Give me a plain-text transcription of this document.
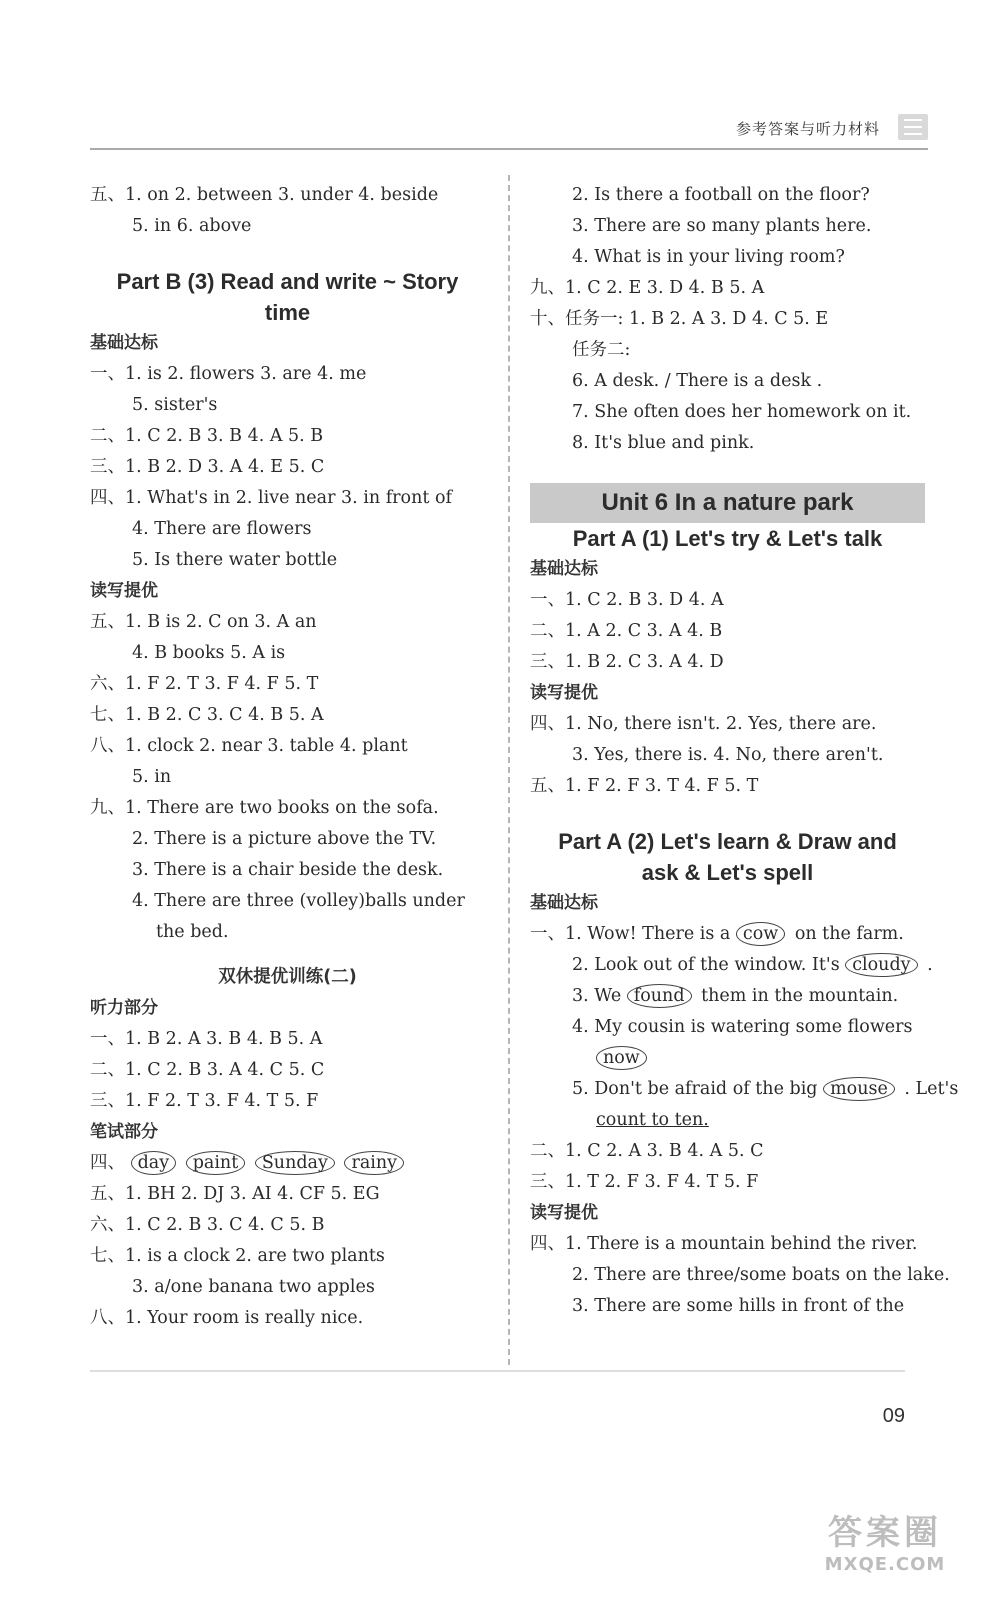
参考答案与听力材料
五、1. on 2. between 3. under 4. beside
5. in 6. above
Part B (3) Read and write ~ Story
time
基础达标
一、1. is 2. flowers 3. are 4. me
5. sister's
二、1. C 2. B 3. B 4. A 5. B
三、1. B 2. D 3. A 4. E 5. C
四、1. What's in 2. live near 3. in front of
4. There are flowers
5. Is there water bottle
读写提优
五、1. B is 2. C on 3. A an
4. B books 5. A is
六、1. F 2. T 3. F 4. F 5. T
七、1. B 2. C 3. C 4. B 5. A
八、1. clock 2. near 3. table 4. plant
5. in
九、1. There are two books on the sofa.
2. There is a picture above the TV.
3. There is a chair beside the desk.
4. There are three (volley)balls under
the bed.
双休提优训练(二)
听力部分
一、1. B 2. A 3. B 4. B 5. A
二、1. C 2. B 3. A 4. C 5. C
三、1. F 2. T 3. F 4. T 5. F
笔试部分
四、 day paint Sunday rainy
五、1. BH 2. DJ 3. AI 4. CF 5. EG
六、1. C 2. B 3. C 4. C 5. B
七、1. is a clock 2. are two plants
3. a/one banana two apples
八、1. Your room is really nice.
2. Is there a football on the floor?
3. There are so many plants here.
4. What is in your living room?
九、1. C 2. E 3. D 4. B 5. A
十、任务一: 1. B 2. A 3. D 4. C 5. E
任务二:
6. A desk. / There is a desk .
7. She often does her homework on it.
8. It's blue and pink.
Unit 6 In a nature park
Part A (1) Let's try & Let's talk
基础达标
一、1. C 2. B 3. D 4. A
二、1. A 2. C 3. A 4. B
三、1. B 2. C 3. A 4. D
读写提优
四、1. No, there isn't. 2. Yes, there are.
3. Yes, there is. 4. No, there aren't.
五、1. F 2. F 3. T 4. F 5. T
Part A (2) Let's learn & Draw and
ask & Let's spell
基础达标
一、1. Wow! There is a cow on the farm.
2. Look out of the window. It's cloudy .
3. We found them in the mountain.
4. My cousin is watering some flowers
now
5. Don't be afraid of the big mouse . Let's
count to ten.
二、1. C 2. A 3. B 4. A 5. C
三、1. T 2. F 3. F 4. T 5. F
读写提优
四、1. There is a mountain behind the river.
2. There are three/some boats on the lake.
3. There are some hills in front of the
09
答案圈
MXQE.COM
